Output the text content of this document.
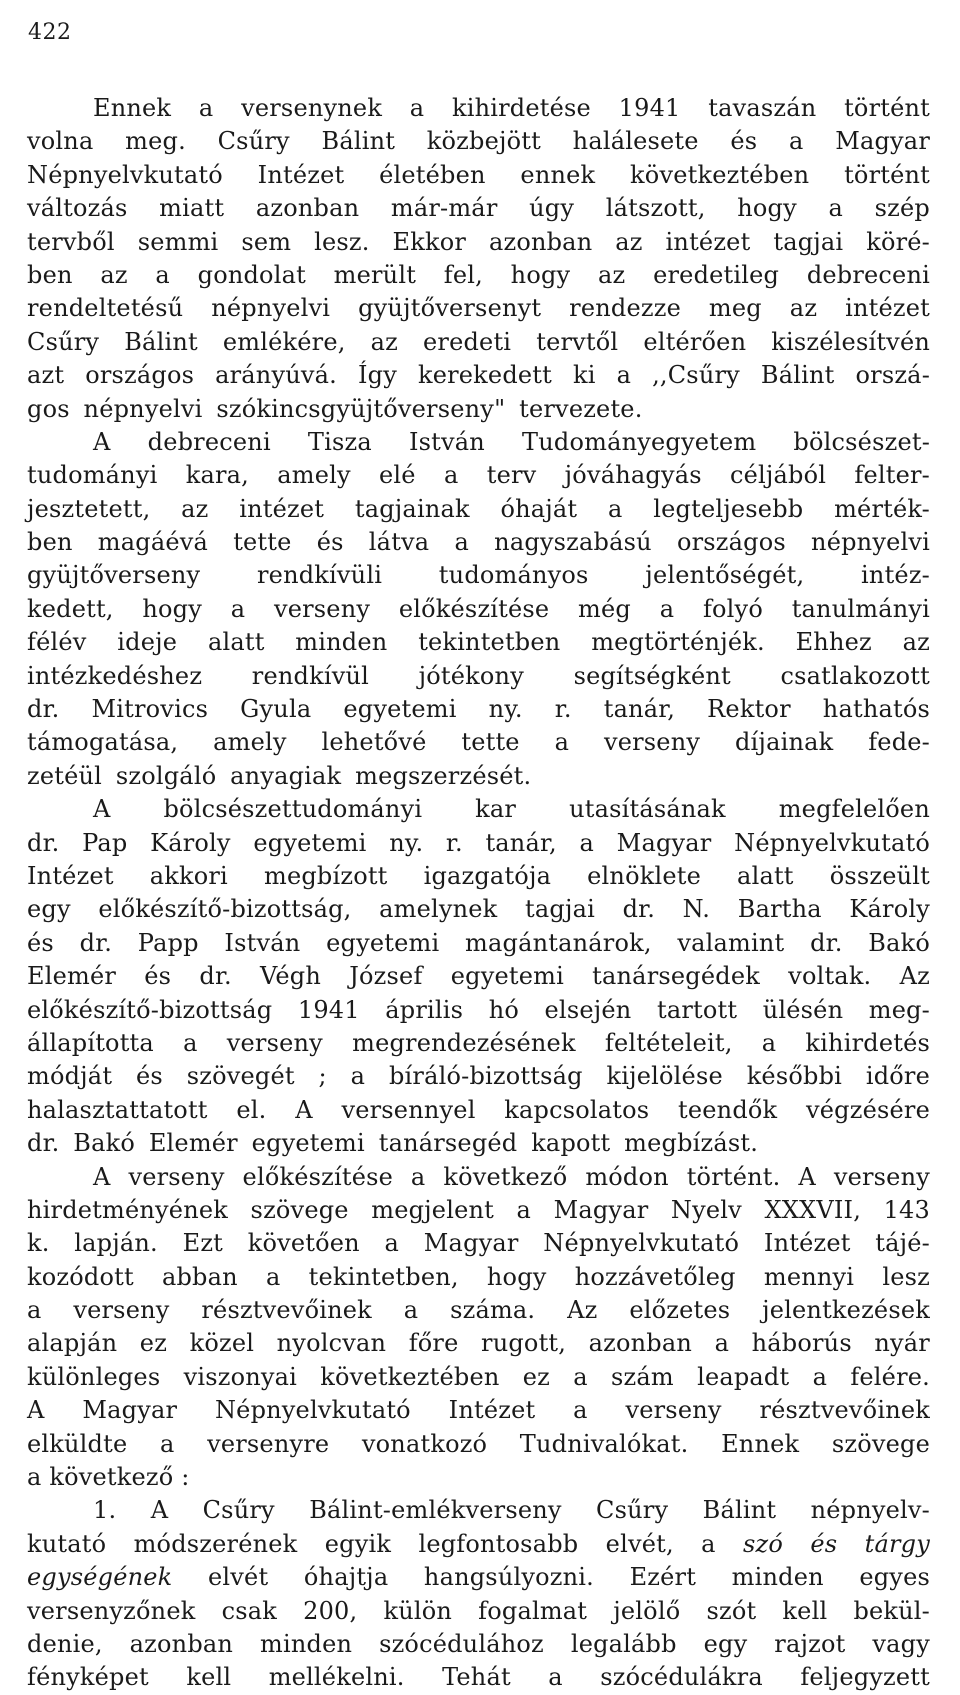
422
Ennek a versenynek a kihirdetése 1941 tavaszán történt
volna meg. Csűry Bálint közbejött halálesete és a Magyar
Népnyelvkutató Intézet életében ennek következtében történt
változás miatt azonban már-már úgy látszott, hogy a szép
tervből semmi sem lesz. Ekkor azonban az intézet tagjai köré-
ben az a gondolat merült fel, hogy az eredetileg debreceni
rendeltetésű népnyelvi gyüjtőversenyt rendezze meg az intézet
Csűry Bálint emlékére, az eredeti tervtől eltérően kiszélesítvén
azt országos arányúvá. Így kerekedett ki a ,,Csűry Bálint orszá-
gos népnyelvi szókincsgyüjtőverseny" tervezete.
A debreceni Tisza István Tudományegyetem bölcsészet-
tudományi kara, amely elé a terv jóváhagyás céljából felter-
jesztetett, az intézet tagjainak óhaját a legteljesebb mérték-
ben magáévá tette és látva a nagyszabású országos népnyelvi
gyüjtőverseny rendkívüli tudományos jelentőségét, intéz-
kedett, hogy a verseny előkészítése még a folyó tanulmányi
félév ideje alatt minden tekintetben megtörténjék. Ehhez az
intézkedéshez rendkívül jótékony segítségként csatlakozott
dr. Mitrovics Gyula egyetemi ny. r. tanár, Rektor hathatós
támogatása, amely lehetővé tette a verseny díjainak fede-
zetéül szolgáló anyagiak megszerzését.
A bölcsészettudományi kar utasításának megfelelően
dr. Pap Károly egyetemi ny. r. tanár, a Magyar Népnyelvkutató
Intézet akkori megbízott igazgatója elnöklete alatt összeült
egy előkészítő-bizottság, amelynek tagjai dr. N. Bartha Károly
és dr. Papp István egyetemi magántanárok, valamint dr. Bakó
Elemér és dr. Végh József egyetemi tanársegédek voltak. Az
előkészítő-bizottság 1941 április hó elsején tartott ülésén meg-
állapította a verseny megrendezésének feltételeit, a kihirdetés
módját és szövegét ; a bíráló-bizottság kijelölése későbbi időre
halasztattatott el. A versennyel kapcsolatos teendők végzésére
dr. Bakó Elemér egyetemi tanársegéd kapott megbízást.
A verseny előkészítése a következő módon történt. A verseny
hirdetményének szövege megjelent a Magyar Nyelv XXXVII, 143
k. lapján. Ezt követően a Magyar Népnyelvkutató Intézet tájé-
kozódott abban a tekintetben, hogy hozzávetőleg mennyi lesz
a verseny résztvevőinek a száma. Az előzetes jelentkezések
alapján ez közel nyolcvan főre rugott, azonban a háborús nyár
különleges viszonyai következtében ez a szám leapadt a felére.
A Magyar Népnyelvkutató Intézet a verseny résztvevőinek
elküldte a versenyre vonatkozó Tudnivalókat. Ennek szövege
a következő :
1. A Csűry Bálint-emlékverseny Csűry Bálint népnyelv-
kutató módszerének egyik legfontosabb elvét, a szó és tárgy
egységének elvét óhajtja hangsúlyozni. Ezért minden egyes
versenyzőnek csak 200, külön fogalmat jelölő szót kell bekül-
denie, azonban minden szócédulához legalább egy rajzot vagy
fényképet kell mellékelni. Tehát a szócédulákra feljegyzett
